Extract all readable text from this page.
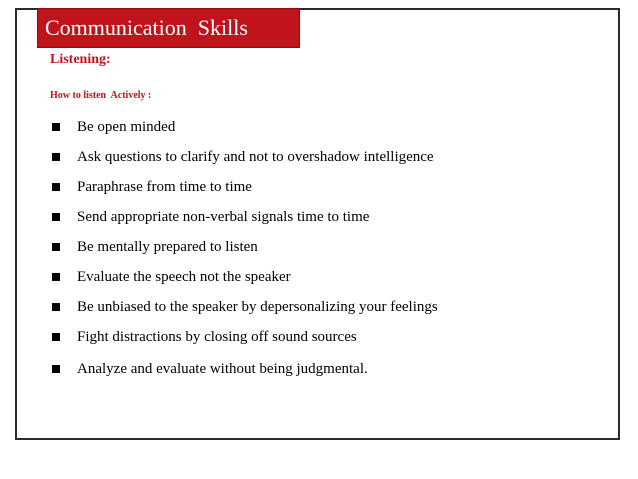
Communication  Skills
Listening:
How to listen  Actively :
Be open minded
Ask questions to clarify and not to overshadow intelligence
Paraphrase from time to time
Send appropriate non-verbal signals time to time
Be mentally prepared to listen
Evaluate the speech not the speaker
Be unbiased to the speaker by depersonalizing your feelings
Fight distractions by closing off sound sources
Analyze and evaluate without being judgmental.
